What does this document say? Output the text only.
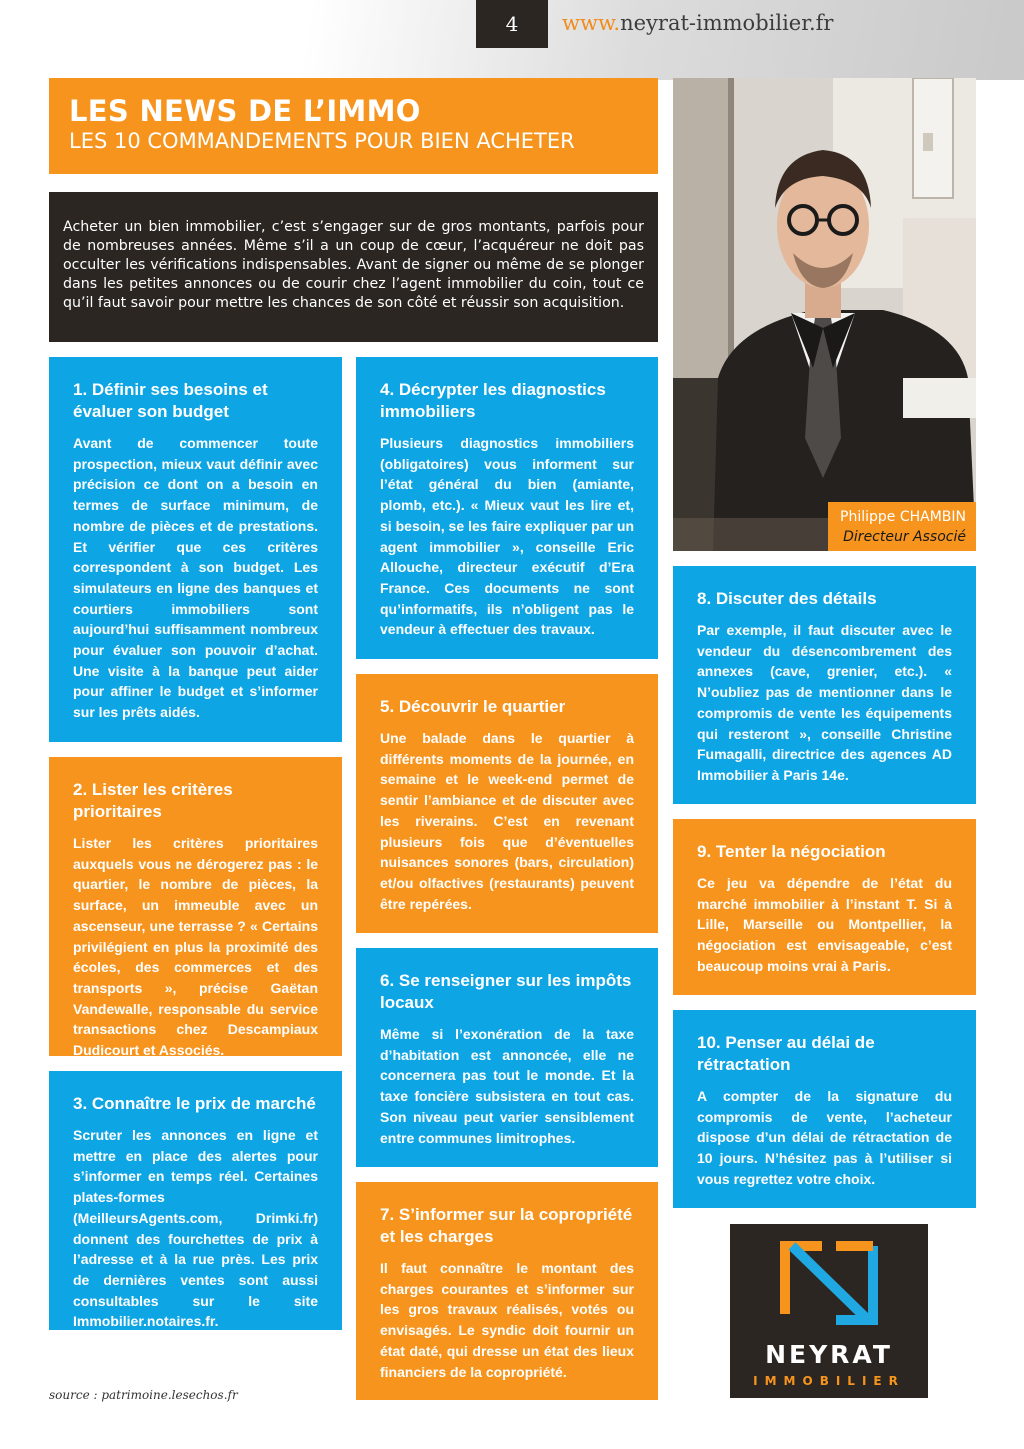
4	www.neyrat-immobilier.fr
LES NEWS DE L’IMMO
LES 10 COMMANDEMENTS POUR BIEN ACHETER
Acheter un bien immobilier, c’est s’engager sur de gros montants, parfois pour de nombreuses années. Même s’il a un coup de cœur, l’acquéreur ne doit pas occulter les vérifications indispensables. Avant de signer ou même de se plonger dans les petites annonces ou de courir chez l’agent immobilier du coin, tout ce qu’il faut savoir pour mettre les chances de son côté et réussir son acquisition.
Philippe CHAMBIN
Directeur Associé
1. Définir ses besoins et évaluer son budget
Avant de commencer toute prospection, mieux vaut définir avec précision ce dont on a besoin en termes de surface minimum, de nombre de pièces et de prestations. Et vérifier que ces critères correspondent à son budget. Les simulateurs en ligne des banques et courtiers immobiliers sont aujourd’hui suffisamment nombreux pour évaluer son pouvoir d’achat. Une visite à la banque peut aider pour affiner le budget et s’informer sur les prêts aidés.
2. Lister les critères prioritaires
Lister les critères prioritaires auxquels vous ne dérogerez pas : le quartier, le nombre de pièces, la surface, un immeuble avec un ascenseur, une terrasse ? « Certains privilégient en plus la proximité des écoles, des commerces et des transports », précise Gaëtan Vandewalle, responsable du service transactions chez Descampiaux Dudicourt et Associés.
3. Connaître le prix de marché
Scruter les annonces en ligne et mettre en place des alertes pour s’informer en temps réel. Certaines plates-formes (MeilleursAgents.com, Drimki.fr) donnent des fourchettes de prix à l’adresse et à la rue près. Les prix de dernières ventes sont aussi consultables sur le site Immobilier.notaires.fr.
4. Décrypter les diagnostics immobiliers
Plusieurs diagnostics immobiliers (obligatoires) vous informent sur l’état général du bien (amiante, plomb, etc.). « Mieux vaut les lire et, si besoin, se les faire expliquer par un agent immobilier », conseille Eric Allouche, directeur exécutif d’Era France. Ces documents ne sont qu’informatifs, ils n’obligent pas le vendeur à effectuer des travaux.
5. Découvrir le quartier
Une balade dans le quartier à différents moments de la journée, en semaine et le week-end permet de sentir l’ambiance et de discuter avec les riverains. C’est en revenant plusieurs fois que d’éventuelles nuisances sonores (bars, circulation) et/ou olfactives (restaurants) peuvent être repérées.
6. Se renseigner sur les impôts locaux
Même si l’exonération de la taxe d’habitation est annoncée, elle ne concernera pas tout le monde. Et la taxe foncière subsistera en tout cas. Son niveau peut varier sensiblement entre communes limitrophes.
7. S’informer sur la copropriété et les charges
Il faut connaître le montant des charges courantes et s’informer sur les gros travaux réalisés, votés ou envisagés. Le syndic doit fournir un état daté, qui dresse un état des lieux financiers de la copropriété.
8. Discuter des détails
Par exemple, il faut discuter avec le vendeur du désencombrement des annexes (cave, grenier, etc.). « N’oubliez pas de mentionner dans le compromis de vente les équipements qui resteront », conseille Christine Fumagalli, directrice des agences AD Immobilier à Paris 14e.
9. Tenter la négociation
Ce jeu va dépendre de l’état du marché immobilier à l’instant T. Si à Lille, Marseille ou Montpellier, la négociation est envisageable, c’est beaucoup moins vrai à Paris.
10. Penser au délai de rétractation
A compter de la signature du compromis de vente, l’acheteur dispose d’un délai de rétractation de 10 jours. N’hésitez pas à l’utiliser si vous regrettez votre choix.
source : patrimoine.lesechos.fr
NEYRAT
IMMOBILIER
